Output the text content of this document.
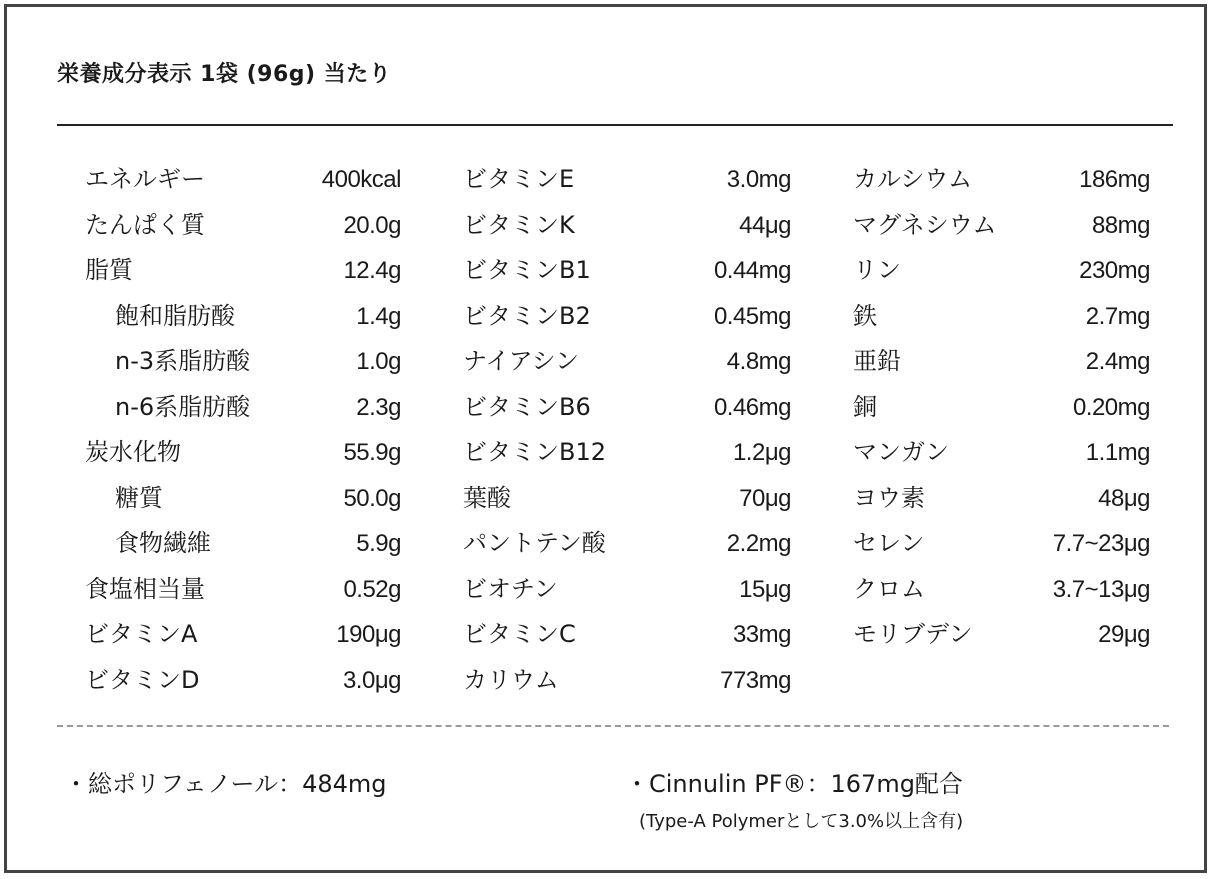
栄養成分表示 1袋 (96g) 当たり
エネルギー	400kcal
たんぱく質	20.0g
脂質	12.4g
飽和脂肪酸	1.4g
n-3系脂肪酸	1.0g
n-6系脂肪酸	2.3g
炭水化物	55.9g
糖質	50.0g
食物繊維	5.9g
食塩相当量	0.52g
ビタミンA	190μg
ビタミンD	3.0μg
ビタミンE	3.0mg
ビタミンK	44μg
ビタミンB1	0.44mg
ビタミンB2	0.45mg
ナイアシン	4.8mg
ビタミンB6	0.46mg
ビタミンB12	1.2μg
葉酸	70μg
パントテン酸	2.2mg
ビオチン	15μg
ビタミンC	33mg
カリウム	773mg
カルシウム	186mg
マグネシウム	88mg
リン	230mg
鉄	2.7mg
亜鉛	2.4mg
銅	0.20mg
マンガン	1.1mg
ヨウ素	48μg
セレン	7.7~23μg
クロム	3.7~13μg
モリブデン	29μg
・総ポリフェノール：484mg	・Cinnulin PF®：167mg配合
(Type-A Polymerとして3.0%以上含有)
